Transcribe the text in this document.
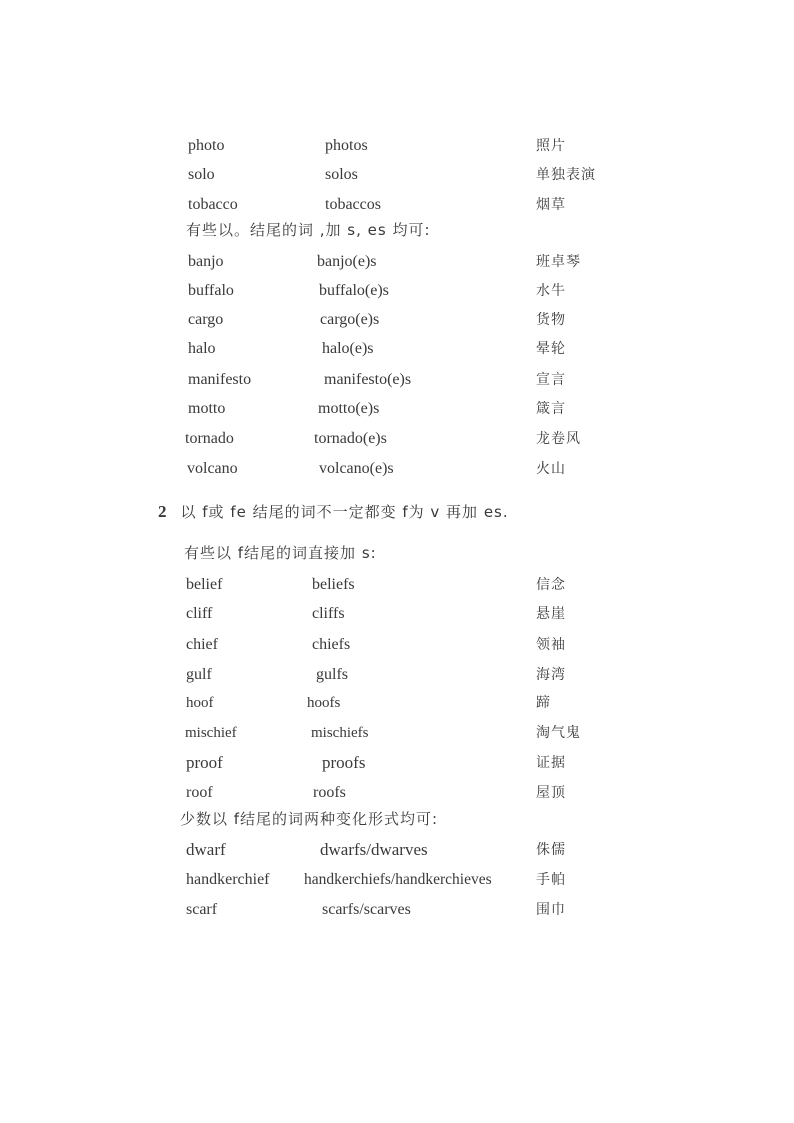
photo	photos	照片
solo	solos	单独表演
tobacco	tobaccos	烟草
有些以。结尾的词 ,加 s, es 均可:
banjo	banjo(e)s	班卓琴
buffalo	buffalo(e)s	水牛
cargo	cargo(e)s	货物
halo	halo(e)s	晕轮
manifesto	manifesto(e)s	宣言
motto	motto(e)s	箴言
tornado	tornado(e)s	龙卷风
volcano	volcano(e)s	火山
2 以 f或 fe 结尾的词不一定都变 f为 v 再加 es.
有些以 f结尾的词直接加 s:
belief	beliefs	信念
cliff	cliffs	悬崖
chief	chiefs	领袖
gulf	gulfs	海湾
hoof	hoofs	蹄
mischief	mischiefs	淘气鬼
proof	proofs	证据
roof	roofs	屋顶
少数以 f结尾的词两种变化形式均可:
dwarf	dwarfs/dwarves	侏儒
handkerchief handkerchiefs/handkerchieves	手帕
scarf	scarfs/scarves	围巾
